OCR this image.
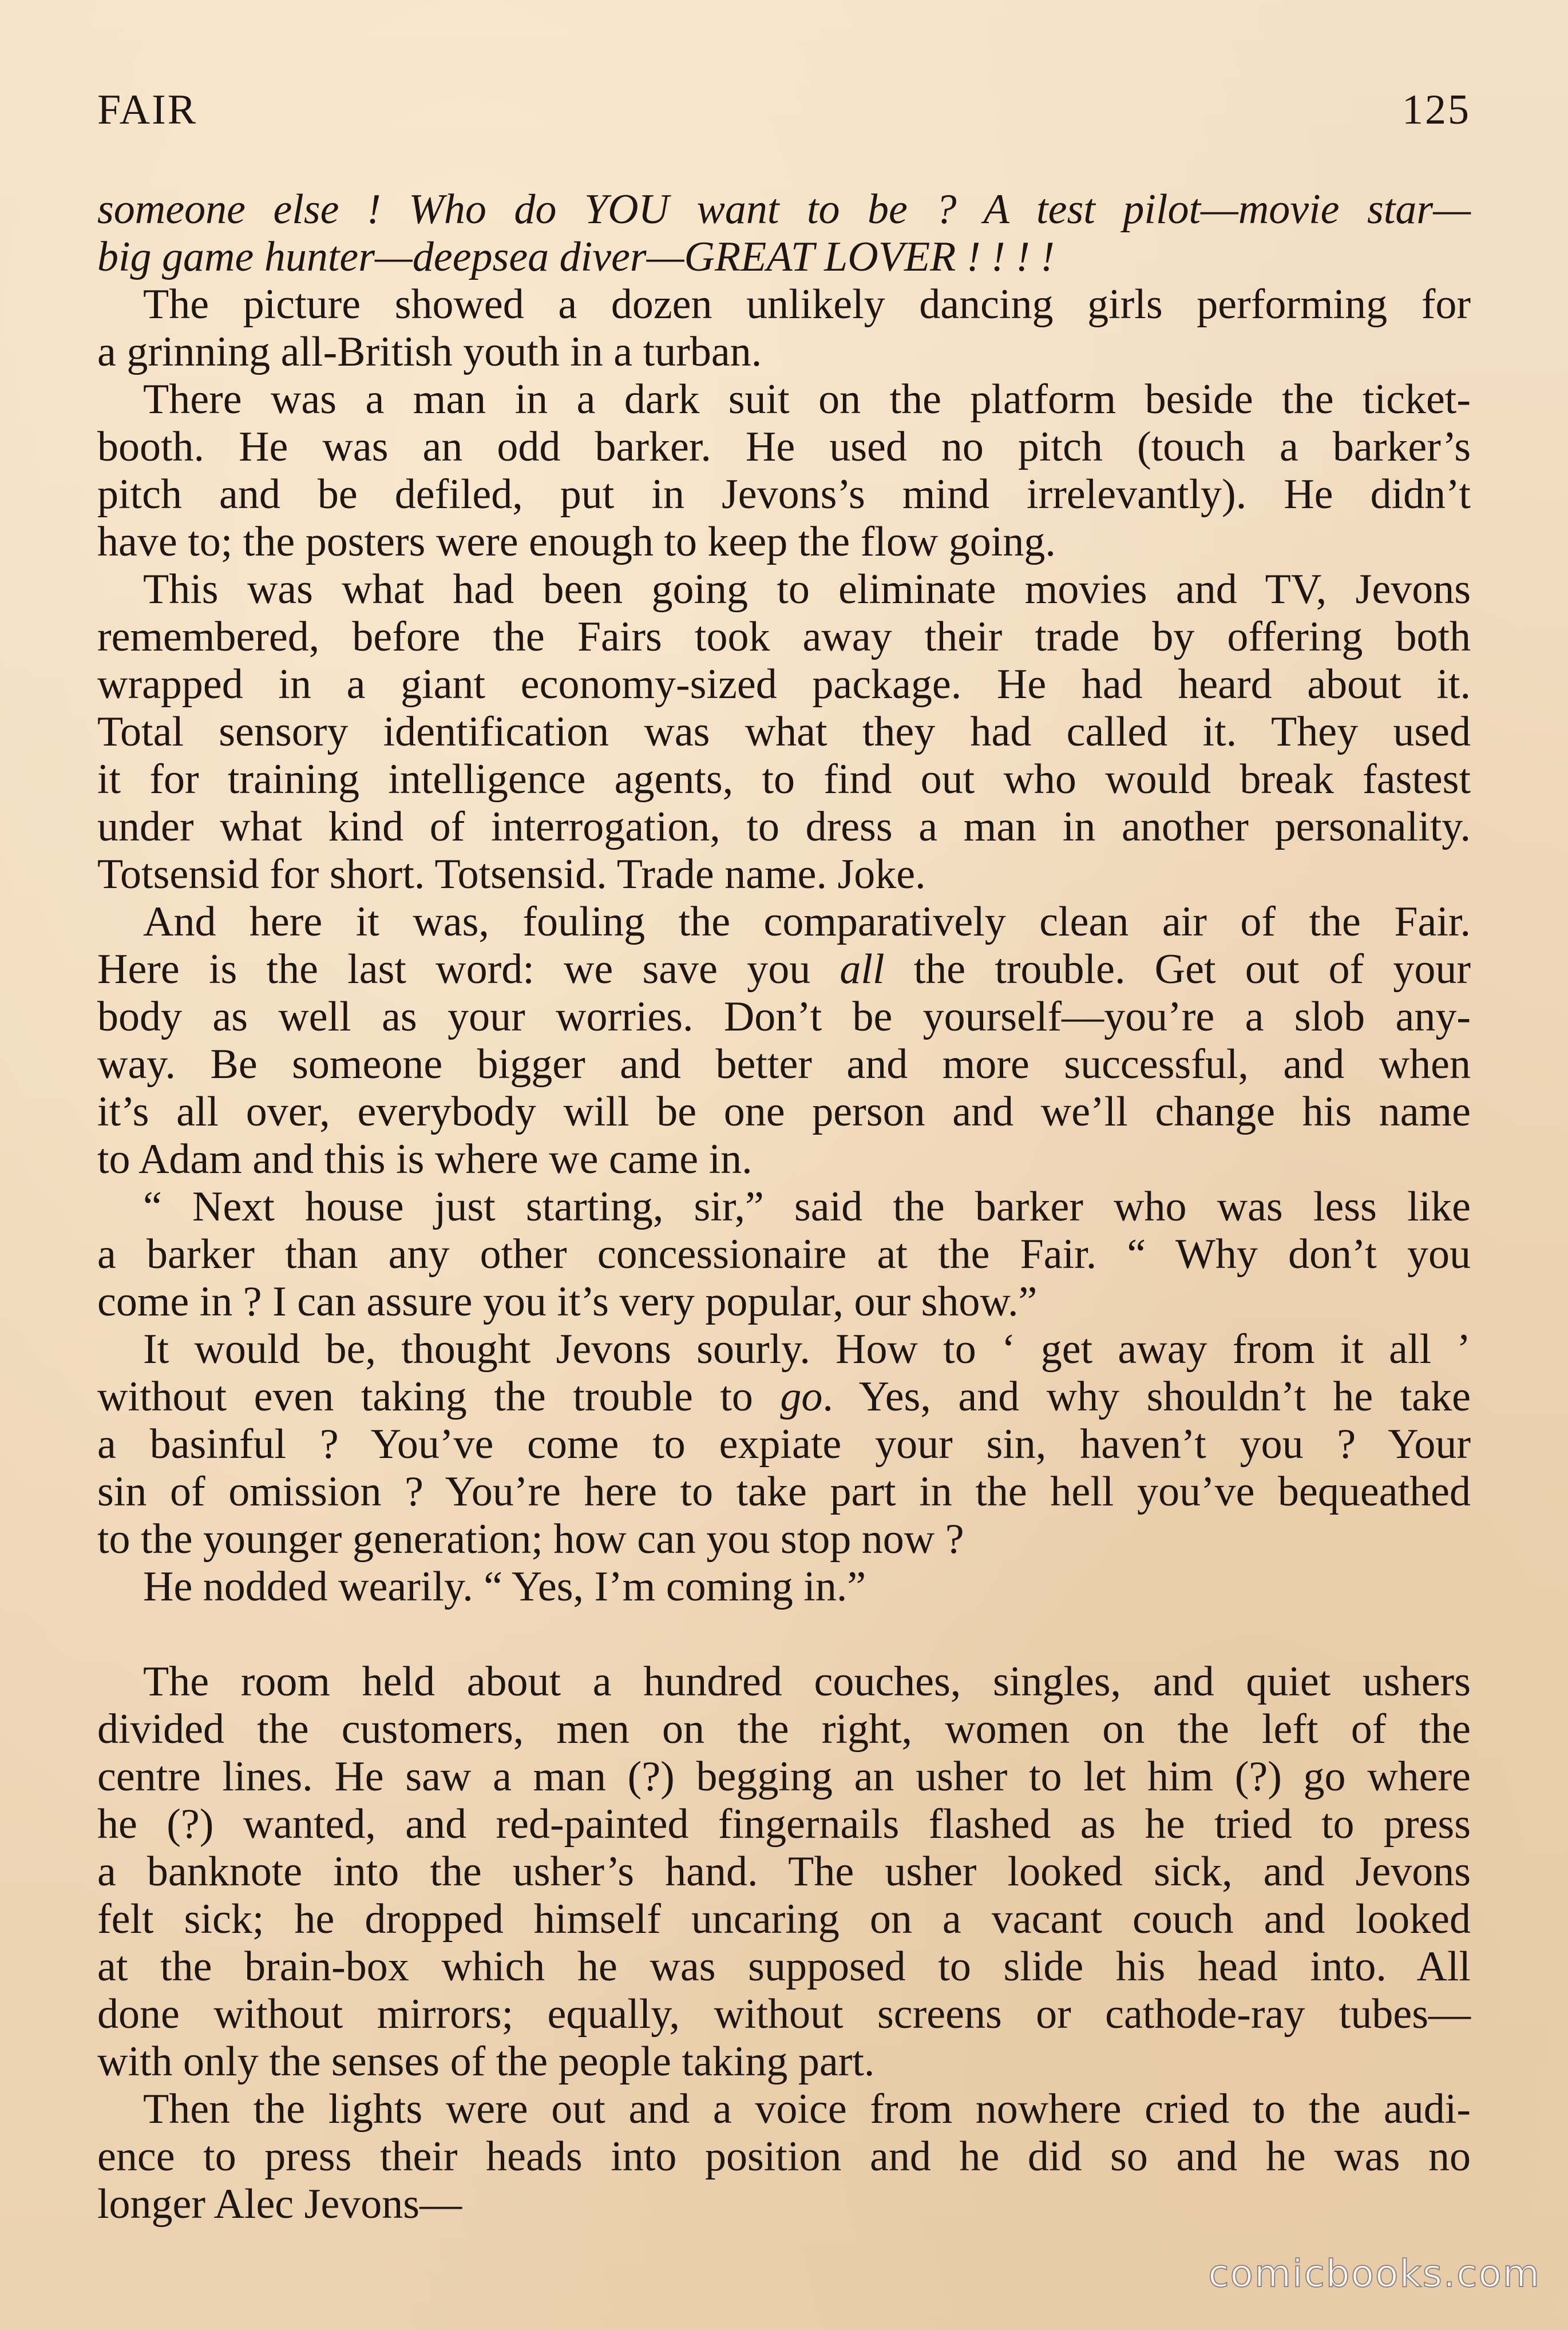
FAIR	125
someone else ! Who do YOU want to be ? A test pilot—movie star—
big game hunter—deepsea diver—GREAT LOVER ! ! ! !
The picture showed a dozen unlikely dancing girls performing for
a grinning all-British youth in a turban.
There was a man in a dark suit on the platform beside the ticket-
booth. He was an odd barker. He used no pitch (touch a barker’s
pitch and be defiled, put in Jevons’s mind irrelevantly). He didn’t
have to; the posters were enough to keep the flow going.
This was what had been going to eliminate movies and TV, Jevons
remembered, before the Fairs took away their trade by offering both
wrapped in a giant economy-sized package. He had heard about it.
Total sensory identification was what they had called it. They used
it for training intelligence agents, to find out who would break fastest
under what kind of interrogation, to dress a man in another personality.
Totsensid for short. Totsensid. Trade name. Joke.
And here it was, fouling the comparatively clean air of the Fair.
Here is the last word: we save you all the trouble. Get out of your
body as well as your worries. Don’t be yourself—you’re a slob any-
way. Be someone bigger and better and more successful, and when
it’s all over, everybody will be one person and we’ll change his name
to Adam and this is where we came in.
“ Next house just starting, sir,” said the barker who was less like
a barker than any other concessionaire at the Fair. “ Why don’t you
come in ? I can assure you it’s very popular, our show.”
It would be, thought Jevons sourly. How to ‘ get away from it all ’
without even taking the trouble to go. Yes, and why shouldn’t he take
a basinful ? You’ve come to expiate your sin, haven’t you ? Your
sin of omission ? You’re here to take part in the hell you’ve bequeathed
to the younger generation; how can you stop now ?
He nodded wearily. “ Yes, I’m coming in.”
The room held about a hundred couches, singles, and quiet ushers
divided the customers, men on the right, women on the left of the
centre lines. He saw a man (?) begging an usher to let him (?) go where
he (?) wanted, and red-painted fingernails flashed as he tried to press
a banknote into the usher’s hand. The usher looked sick, and Jevons
felt sick; he dropped himself uncaring on a vacant couch and looked
at the brain-box which he was supposed to slide his head into. All
done without mirrors; equally, without screens or cathode-ray tubes—
with only the senses of the people taking part.
Then the lights were out and a voice from nowhere cried to the audi-
ence to press their heads into position and he did so and he was no
longer Alec Jevons—
comicbooks.com
